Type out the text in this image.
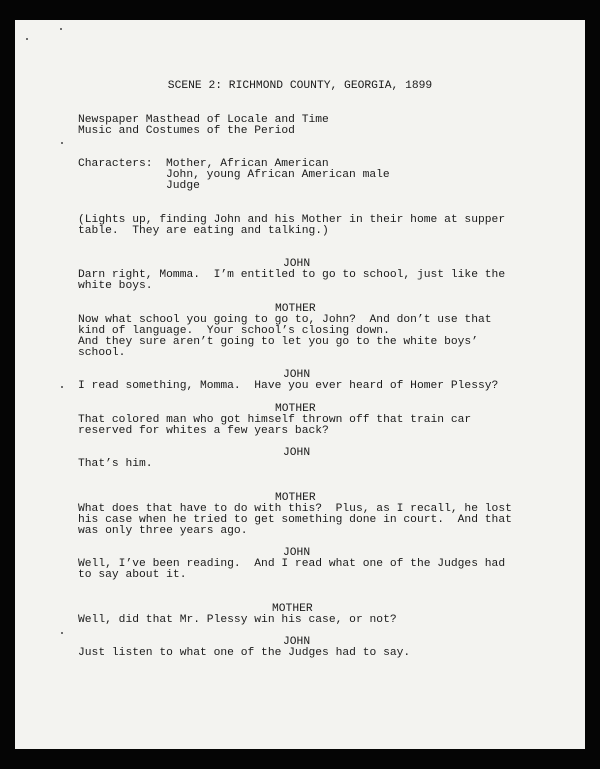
SCENE 2: RICHMOND COUNTY, GEORGIA, 1899

Newspaper Masthead of Locale and Time

Music and Costumes of the Period

Characters: Mother, African American

John, young African American male

Judge

(Lights up, finding John and his Mother in their home at supper

table.  They are eating and talking.)

JOHN

Darn right, Momma.  I’m entitled to go to school, just like the

white boys.

MOTHER

Now what school you going to go to, John?  And don’t use that

kind of language.  Your school’s closing down.

And they sure aren’t going to let you go to the white boys’

school.

JOHN

I read something, Momma.  Have you ever heard of Homer Plessy?

MOTHER

That colored man who got himself thrown off that train car

reserved for whites a few years back?

JOHN

That’s him.

MOTHER

What does that have to do with this?  Plus, as I recall, he lost

his case when he tried to get something done in court.  And that

was only three years ago.

JOHN

Well, I’ve been reading.  And I read what one of the Judges had

to say about it.

MOTHER

Well, did that Mr. Plessy win his case, or not?

JOHN

Just listen to what one of the Judges had to say.
